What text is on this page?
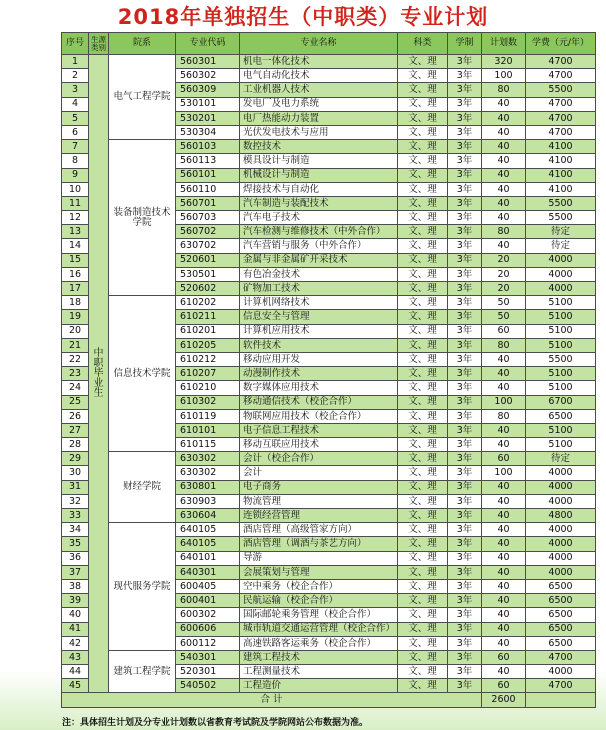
2018年单独招生（中职类）专业计划
序号 生源类别	院系	专业代码	专业名称	科类	学制	计划数	学费（元/年）
中
职
毕
业
生
电气工程学院
1	560301	机电一体化技术	文、理	3年	320	4700
2	560302	电气自动化技术	文、理	3年	100	4700
3	560309	工业机器人技术	文、理	3年	80	5500
4	530101	发电厂及电力系统	文、理	3年	40	4700
5	530201	电厂热能动力装置	文、理	3年	40	4700
6	530304	光伏发电技术与应用	文、理	3年	40	4700
装备制造技术学院
7	560103	数控技术	文、理	3年	40	4100
8	560113	模具设计与制造	文、理	3年	40	4100
9	560101	机械设计与制造	文、理	3年	40	4100
10	560110	焊接技术与自动化	文、理	3年	40	4100
11	560701	汽车制造与装配技术	文、理	3年	40	5500
12	560703	汽车电子技术	文、理	3年	40	5500
13	560702	汽车检测与维修技术（中外合作）	文、理	3年	80	待定
14	630702	汽车营销与服务（中外合作）	文、理	3年	40	待定
15	520601	金属与非金属矿开采技术	文、理	3年	20	4000
16	530501	有色冶金技术	文、理	3年	20	4000
17	520602	矿物加工技术	文、理	3年	20	4000
信息技术学院
18	610202	计算机网络技术	文、理	3年	50	5100
19	610211	信息安全与管理	文、理	3年	50	5100
20	610201	计算机应用技术	文、理	3年	60	5100
21	610205	软件技术	文、理	3年	80	5100
22	610212	移动应用开发	文、理	3年	40	5500
23	610207	动漫制作技术	文、理	3年	40	5100
24	610210	数字媒体应用技术	文、理	3年	40	5100
25	610302	移动通信技术（校企合作）	文、理	3年	100	6700
26	610119	物联网应用技术（校企合作）	文、理	3年	80	6500
27	610101	电子信息工程技术	文、理	3年	40	5100
28	610115	移动互联应用技术	文、理	3年	40	5100
财经学院
29	630302	会计（校企合作）	文、理	3年	60	待定
30	630302	会计	文、理	3年	100	4000
31	630801	电子商务	文、理	3年	40	4000
32	630903	物流管理	文、理	3年	40	4000
33	630604	连锁经营管理	文、理	3年	40	4800
现代服务学院
34	640105	酒店管理（高级管家方向）	文、理	3年	40	4000
35	640105	酒店管理（调酒与茶艺方向）	文、理	3年	40	4000
36	640101	导游	文、理	3年	40	4000
37	640301	会展策划与管理	文、理	3年	40	4000
38	600405	空中乘务（校企合作）	文、理	3年	40	6500
39	600401	民航运输（校企合作）	文、理	3年	40	6500
40	600302	国际邮轮乘务管理（校企合作）	文、理	3年	40	6500
41	600606	城市轨道交通运营管理（校企合作）	文、理	3年	40	6500
42	600112	高速铁路客运乘务（校企合作）	文、理	3年	40	6500
建筑工程学院
43	540301	建筑工程技术	文、理	3年	60	4700
44	520301	工程测量技术	文、理	3年	40	4000
45	540502	工程造价	文、理	3年	60	4700
合 计	2600
注：具体招生计划及分专业计划数以省教育考试院及学院网站公布数据为准。
